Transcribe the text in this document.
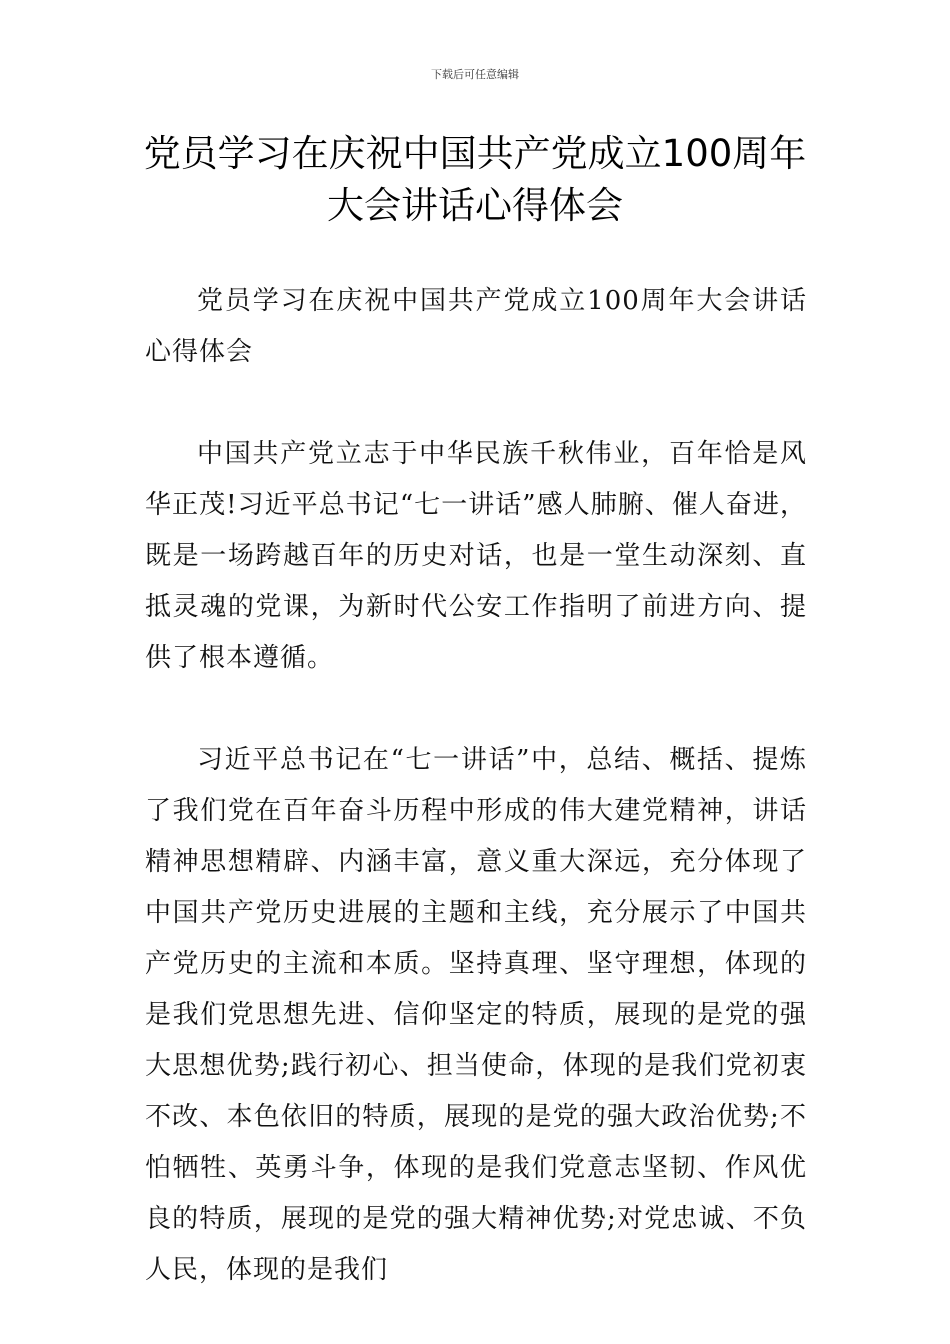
下载后可任意编辑
党员学习在庆祝中国共产党成立100周年
大会讲话心得体会

党员学习在庆祝中国共产党成立100周年大会讲话心得体会

中国共产党立志于中华民族千秋伟业，百年恰是风华正茂!习近平总书记“七一讲话”感人肺腑、催人奋进，既是一场跨越百年的历史对话，也是一堂生动深刻、直抵灵魂的党课，为新时代公安工作指明了前进方向、提供了根本遵循。

习近平总书记在“七一讲话”中，总结、概括、提炼了我们党在百年奋斗历程中形成的伟大建党精神，讲话精神思想精辟、内涵丰富，意义重大深远，充分体现了中国共产党历史进展的主题和主线，充分展示了中国共产党历史的主流和本质。坚持真理、坚守理想，体现的是我们党思想先进、信仰坚定的特质，展现的是党的强大思想优势;践行初心、担当使命，体现的是我们党初衷不改、本色依旧的特质，展现的是党的强大政治优势;不怕牺牲、英勇斗争，体现的是我们党意志坚韧、作风优良的特质，展现的是党的强大精神优势;对党忠诚、不负人民，体现的是我们
